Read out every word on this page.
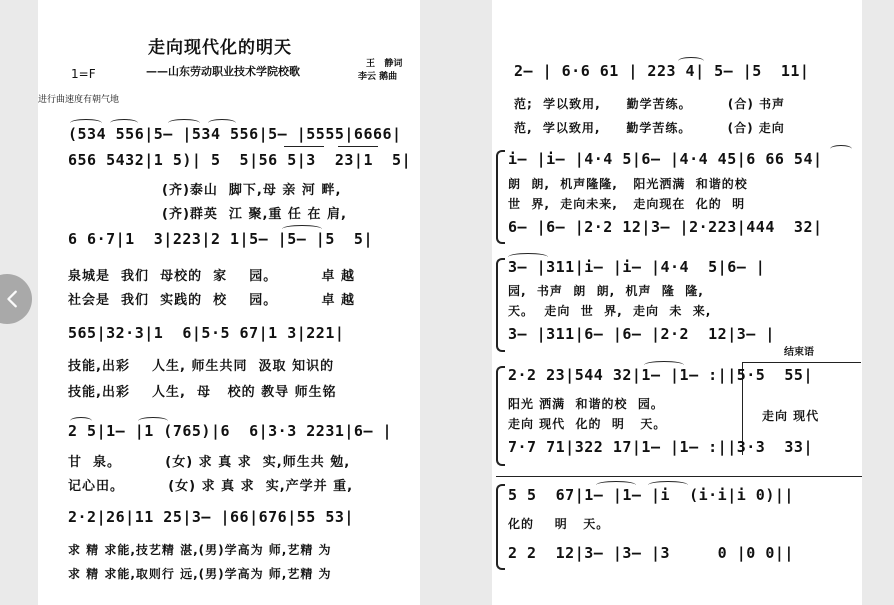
走向现代化的明天
——山东劳动职业技术学院校歌
1=F
王   静词
李云 鹅曲
进行曲速度有朝气地
(534 556|5— |534 556|5— |5555|6666|
656 5432|1 5)| 5  5|56 5|3  23|1  5|
(齐)泰山  脚下,母 亲 河 畔,
(齐)群英  江 聚,重 任 在 肩,
6 6·7|1  3|223|2 1|5— |5— |5  5|
泉城是  我们  母校的  家    园。        卓 越
社会是  我们  实践的  校    园。        卓 越
565|32·3|1  6|5·5 67|1 3|221|
技能,出彩    人生, 师生共同  汲取 知识的
技能,出彩    人生,  母   校的 教导 师生铭
2 5|1— |1 (765)|6  6|3·3 2231|6— |
甘  泉。        (女) 求 真 求  实,师生共 勉,
记心田。        (女) 求 真 求  实,产学并 重,
2·2|26|11 25|3— |66|676|55 53|
求 精 求能,技艺精 湛,(男)学高为 师,艺精 为
求 精 求能,取则行 远,(男)学高为 师,艺精 为
2— | 6·6 61 | 223 4| 5— |5  11|
范;  学以致用,     勤学苦练。       (合) 书声
范,  学以致用,     勤学苦练。       (合) 走向
i— |i— |4·4 5|6— |4·4 45|6 66 54|
朗  朗,  机声隆隆,   阳光洒满  和谐的校
世  界,  走向未来,   走向现在  化的  明
6— |6— |2·2 12|3— |2·223|444  32|
3— |311|i— |i— |4·4  5|6— |
园,  书声  朗  朗,  机声  隆  隆,
天。  走向  世  界,  走向  未  来,
3— |311|6— |6— |2·2  12|3— |
结束语
2·2 23|544 32|1— |1— :||5·5  55|
阳光 洒满  和谐的校  园。
走向 现代  化的  明   天。
走向 现代
7·7 71|322 17|1— |1— :||3·3  33|
5 5  67|1— |1— |i  (i·i|i 0)||
化的    明   天。
2 2  12|3— |3— |3     0 |0 0||
